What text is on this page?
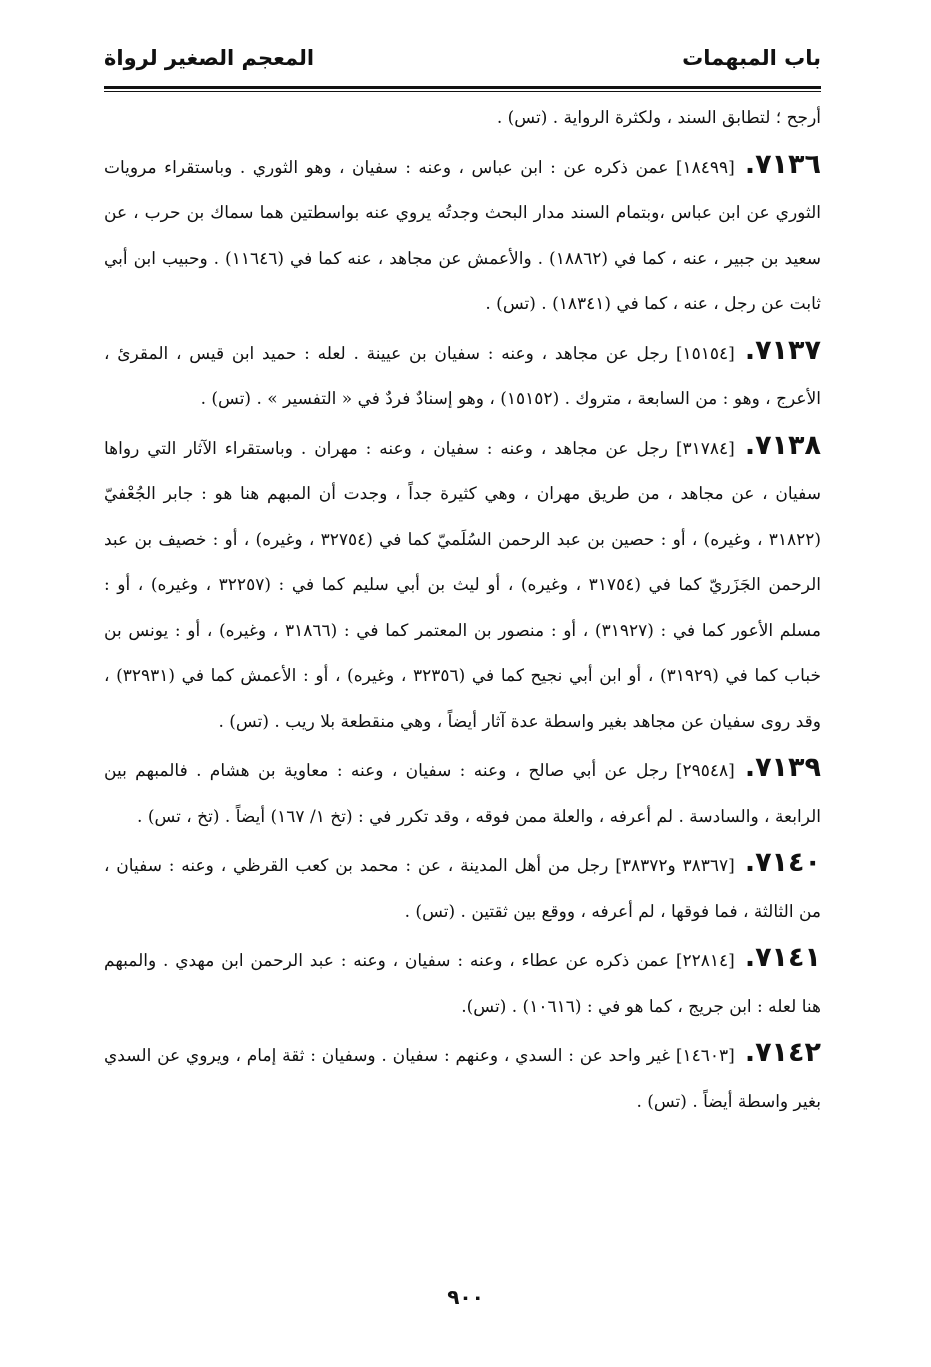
باب المبهمات
المعجم الصغير لرواة

أرجح ؛ لتطابق السند ، ولكثرة الرواية . (تس) .

٧١٣٦.[١٨٤٩٩] عمن ذكره عن : ابن عباس ، وعنه : سفيان ، وهو الثوري . وباستقراء مرويات الثوري عن ابن عباس ،وبتمام السند مدار البحث وجدتُه يروي عنه بواسطتين هما سماك بن حرب ، عن سعيد بن جبير ، عنه ، كما في (١٨٨٦٢) . والأعمش عن مجاهد ، عنه كما في (١١٦٤٦) . وحبيب ابن أبي ثابت عن رجل ، عنه ، كما في (١٨٣٤١) . (تس) .

٧١٣٧.[١٥١٥٤] رجل عن مجاهد ، وعنه : سفيان بن عيينة . لعله : حميد ابن قيس ، المقرئ ، الأعرج ، وهو : من السابعة ، متروك . (١٥١٥٢) ، وهو إسنادٌ فردٌ في « التفسير » . (تس) .

٧١٣٨.[٣١٧٨٤] رجل عن مجاهد ، وعنه : سفيان ، وعنه : مهران . وباستقراء الآثار التي رواها سفيان ، عن مجاهد ، من طريق مهران ، وهي كثيرة جداً ، وجدت أن المبهم هنا هو : جابر الجُعْفيّ (٣١٨٢٢ ، وغيره) ، أو : حصين بن عبد الرحمن السُلَميّ كما في (٣٢٧٥٤ ، وغيره) ، أو : خصيف بن عبد الرحمن الجَزَريّ كما في (٣١٧٥٤ ، وغيره) ، أو ليث بن أبي سليم كما في : (٣٢٢٥٧ ، وغيره) ، أو : مسلم الأعور كما في : (٣١٩٢٧) ، أو : منصور بن المعتمر كما في : (٣١٨٦٦ ، وغيره) ، أو : يونس بن خباب كما في (٣١٩٢٩) ، أو ابن أبي نجيح كما في (٣٢٣٥٦ ، وغيره) ، أو : الأعمش كما في (٣٢٩٣١) ، وقد روى سفيان عن مجاهد بغير واسطة عدة آثار أيضاً ، وهي منقطعة بلا ريب . (تس) .

٧١٣٩.[٢٩٥٤٨] رجل عن أبي صالح ، وعنه : سفيان ، وعنه : معاوية بن هشام . فالمبهم بين الرابعة ، والسادسة . لم أعرفه ، والعلة ممن فوقه ، وقد تكرر في : (تخ ١/ ١٦٧) أيضاً . (تخ ، تس) .

٧١٤٠.[٣٨٣٦٧ و٣٨٣٧٢] رجل من أهل المدينة ، عن : محمد بن كعب القرظي ، وعنه : سفيان ، من الثالثة ، فما فوقها ، لم أعرفه ، ووقع بين ثقتين . (تس) .

٧١٤١.[٢٢٨١٤] عمن ذكره عن عطاء ، وعنه : سفيان ، وعنه : عبد الرحمن ابن مهدي . والمبهم هنا لعله : ابن جريج ، كما هو في : (١٠٦١٦) . (تس).

٧١٤٢.[١٤٦٠٣] غير واحد عن : السدي ، وعنهم : سفيان . وسفيان : ثقة إمام ، ويروي عن السدي بغير واسطة أيضاً . (تس) .

٩٠٠
